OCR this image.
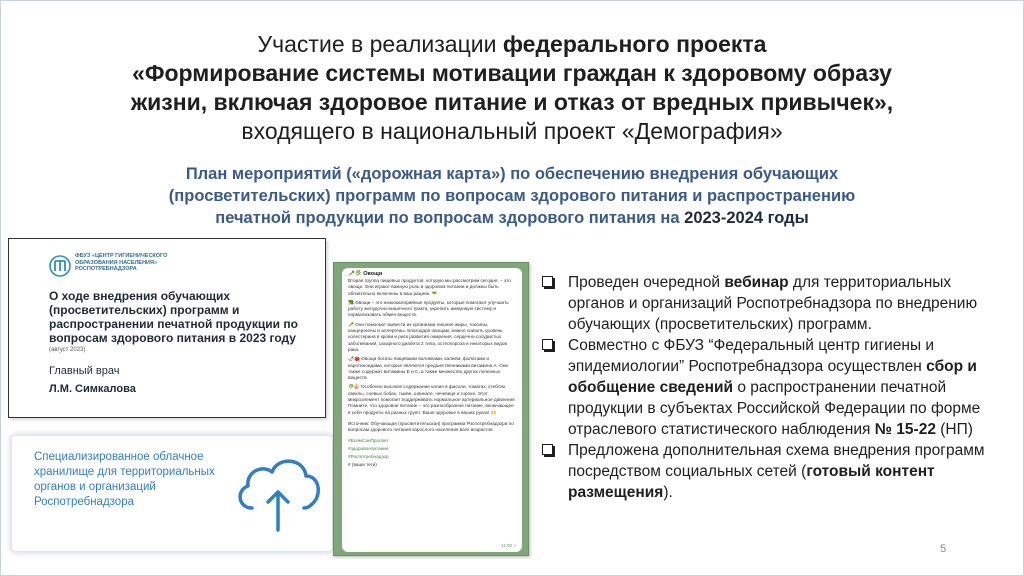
Участие в реализации федерального проекта
«Формирование системы мотивации граждан к здоровому образу
жизни, включая здоровое питание и отказ от вредных привычек»,
входящего в национальный проект «Демография»
План мероприятий («дорожная карта») по обеспечению внедрения обучающих
(просветительских) программ по вопросам здорового питания и распространению
печатной продукции по вопросам здорового питания на 2023-2024 годы
ФБУЗ «ЦЕНТР ГИГИЕНИЧЕСКОГО ОБРАЗОВАНИЯ НАСЕЛЕНИЯ» РОСПОТРЕБНАДЗОРА
О ходе внедрения обучающих (просветительских) программ и распространении печатной продукции по вопросам здорового питания в 2023 году
(август 2023)
Главный врач
Л.М. Симкалова
Специализированное облачное хранилище для территориальных органов и организаций Роспотребнадзора
🥕🥬 Овощи
Вторая группа пищевых продуктов, которую мы рассмотрим сегодня, – это овощи. Они играют важную роль в здоровом питании и должны быть обязательно включены в ваш рацион. 🥗
🥦 Овощи – это низкокалорийные продукты, которые помогают улучшить работу желудочно-кишечного тракта, укрепить иммунную систему и нормализовать обмен веществ.
🥕 Они помогают вывести из организма лишние жиры, токсины, канцерогены и аллергены. Благодаря овощам, можно снизить уровень холестерина в крови и риск развития ожирения, сердечно-сосудистых заболеваний, сахарного диабета 2 типа, остеопороза и некоторых видов рака.
🌶🍅 Овощи богаты пищевыми волокнами, калием, фолатами и каротиноидами, которые являются предшественниками витамина А. Они также содержат витамины Е и С, а также множество других полезных веществ.
🥬🧅 Особенно высокое содержание калия в фасоли, томатах, стеблях свеклы, соевых бобах, тыкве, шпинате, чечевице и горохе. Этот микроэлемент помогает поддерживать нормальное артериальное давление. Помните, что здоровое питание – это разнообразное питание, включающее в себя продукты на разных групп. Ваше здоровье в ваших руках! 🙌
Источник: Обучающая (просветительская) программа Роспотребнадзора по вопросам здорового питания взрослого населения всех возрастов
#ВсемСанПросвет
#здоровоепитание
#Роспотребнадзор
# (ваши теги)
11:00 ✓
Проведен очередной вебинар для территориальных органов и организаций Роспотребнадзора по внедрению обучающих (просветительских) программ.
Совместно с ФБУЗ “Федеральный центр гигиены и эпидемиологии” Роспотребнадзора осуществлен сбор и обобщение сведений о распространении печатной продукции в субъектах Российской Федерации по форме отраслевого статистического наблюдения № 15-22 (НП)
Предложена дополнительная схема внедрения программ посредством социальных сетей (готовый контент размещения).
5
